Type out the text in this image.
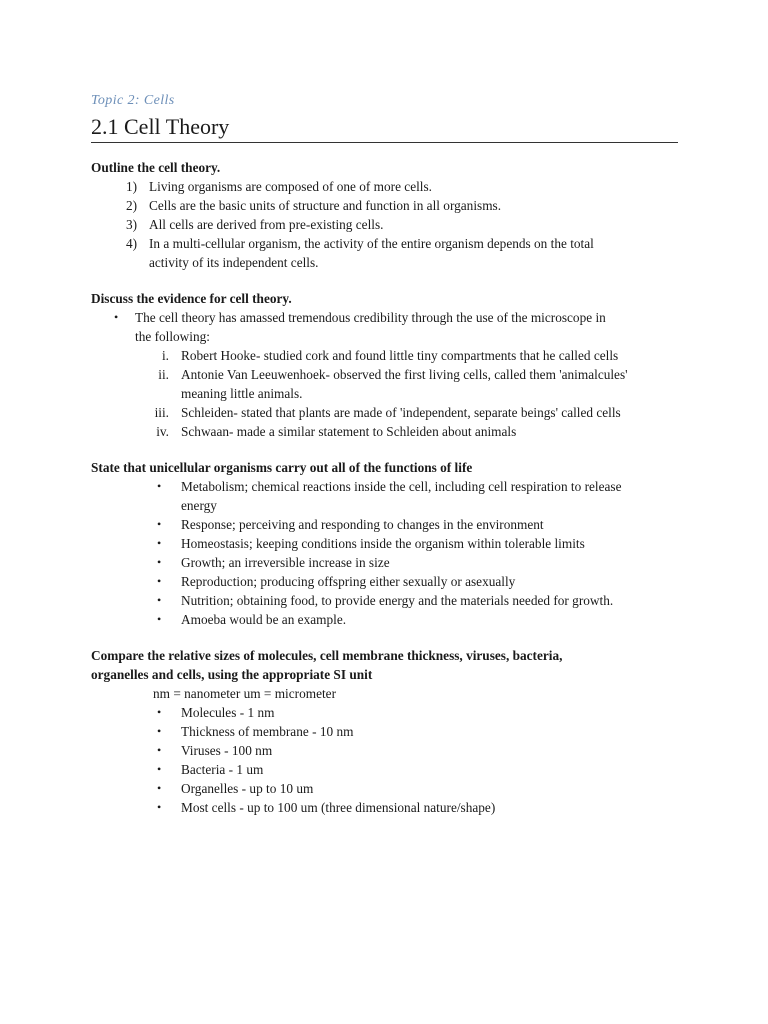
Topic 2: Cells
2.1 Cell Theory

Outline the cell theory.

1) Living organisms are composed of one of more cells.
2) Cells are the basic units of structure and function in all organisms.
3) All cells are derived from pre-existing cells.
4) In a multi-cellular organism, the activity of the entire organism depends on the total
activity of its independent cells.

Discuss the evidence for cell theory.

•	The cell theory has amassed tremendous credibility through the use of the microscope in
the following:
i. Robert Hooke- studied cork and found little tiny compartments that he called cells
ii. Antonie Van Leeuwenhoek- observed the first living cells, called them 'animalcules'
meaning little animals.
iii. Schleiden- stated that plants are made of 'independent, separate beings' called cells
iv. Schwaan- made a similar statement to Schleiden about animals

State that unicellular organisms carry out all of the functions of life

•	Metabolism; chemical reactions inside the cell, including cell respiration to release
energy
•	Response; perceiving and responding to changes in the environment
•	Homeostasis; keeping conditions inside the organism within tolerable limits
•	Growth; an irreversible increase in size
•	Reproduction; producing offspring either sexually or asexually
•	Nutrition; obtaining food, to provide energy and the materials needed for growth.
•	Amoeba would be an example.

Compare the relative sizes of molecules, cell membrane thickness, viruses, bacteria,

organelles and cells, using the appropriate SI unit

nm = nanometer um = micrometer
•	Molecules - 1 nm
•	Thickness of membrane - 10 nm
•	Viruses - 100 nm
•	Bacteria - 1 um
•	Organelles - up to 10 um
•	Most cells - up to 100 um (three dimensional nature/shape)
